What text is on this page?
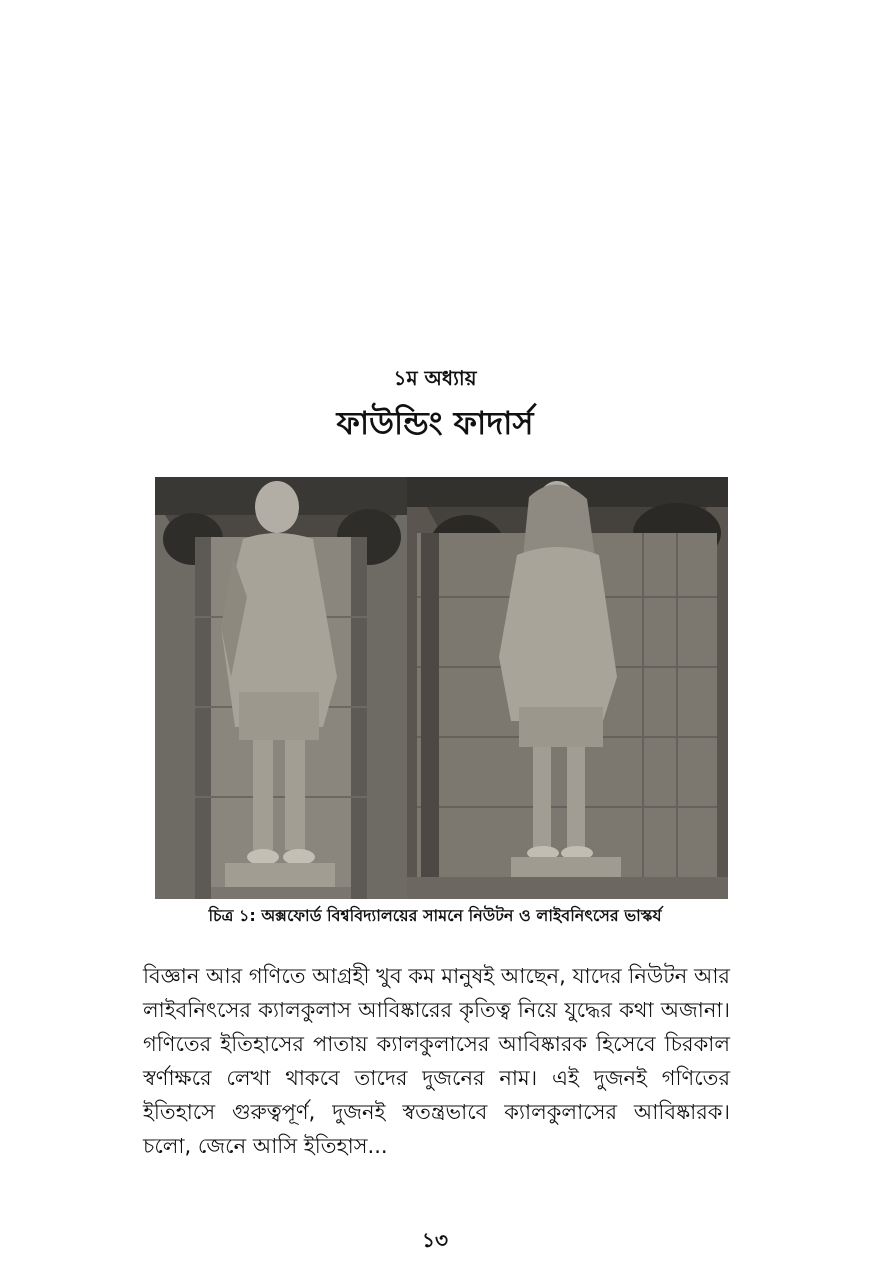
১ম অধ্যায়
ফাউন্ডিং ফাদার্স
চিত্র ১: অক্সফোর্ড বিশ্ববিদ্যালয়ের সামনে নিউটন ও লাইবনিৎসের ভাস্কর্য

বিজ্ঞান আর গণিতে আগ্রহী খুব কম মানুষই আছেন, যাদের নিউটন আর লাইবনিৎসের ক্যালকুলাস আবিষ্কারের কৃতিত্ব নিয়ে যুদ্ধের কথা অজানা। গণিতের ইতিহাসের পাতায় ক্যালকুলাসের আবিষ্কারক হিসেবে চিরকাল স্বর্ণাক্ষরে লেখা থাকবে তাদের দুজনের নাম। এই দুজনই গণিতের ইতিহাসে গুরুত্বপূর্ণ, দুজনই স্বতন্ত্রভাবে ক্যালকুলাসের আবিষ্কারক। চলো, জেনে আসি ইতিহাস...

১৩
